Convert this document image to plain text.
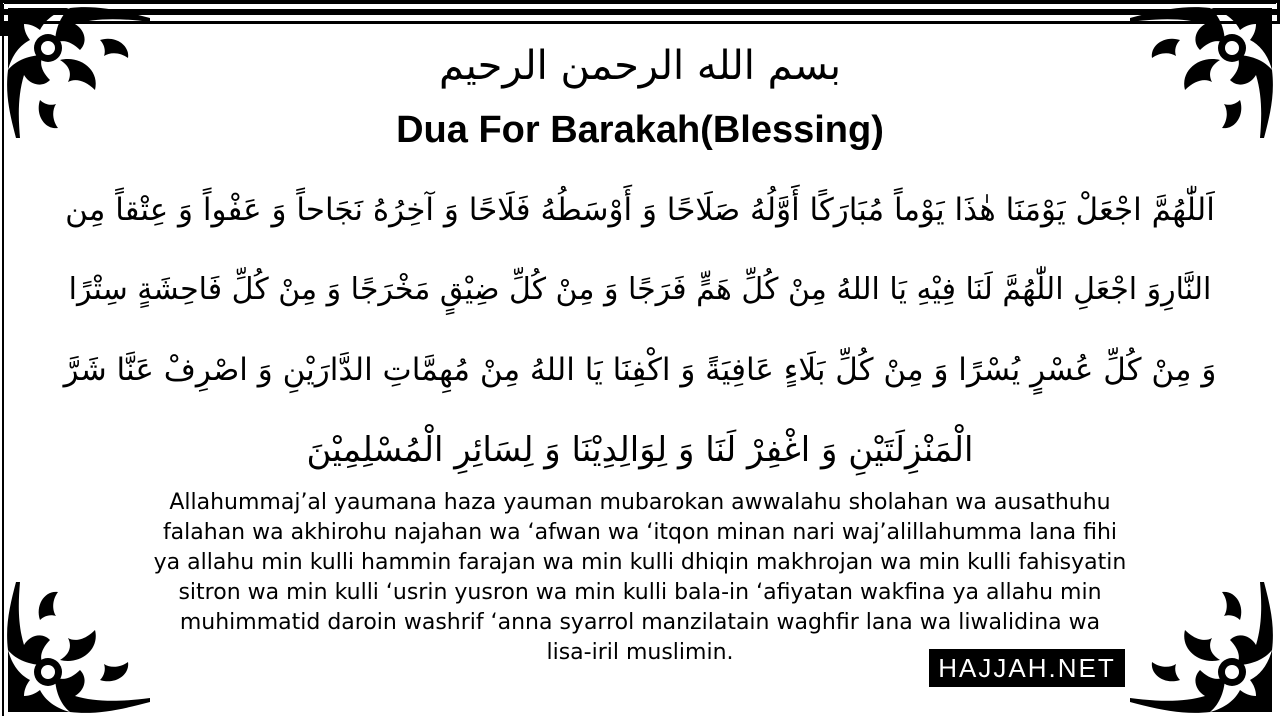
بسم الله الرحمن الرحيم
Dua For Barakah(Blessing)
اَللّٰهُمَّ اجْعَلْ يَوْمَنَا هٰذَا يَوْماً مُبَارَكًا أَوَّلُهُ صَلَاحًا وَ أَوْسَطُهُ فَلَاحًا وَ آخِرُهُ نَجَاحاً وَ عَفْواً وَ عِتْقاً مِن
النَّارِوَ اجْعَلِ اللّٰهُمَّ لَنَا فِيْهِ يَا اللهُ مِنْ كُلِّ هَمٍّ فَرَجًا وَ مِنْ كُلِّ ضِيْقٍ مَخْرَجًا وَ مِنْ كُلِّ فَاحِشَةٍ سِتْرًا
وَ مِنْ كُلِّ عُسْرٍ يُسْرًا وَ مِنْ كُلِّ بَلَاءٍ عَافِيَةً وَ اكْفِنَا يَا اللهُ مِنْ مُهِمَّاتِ الدَّارَيْنِ وَ اصْرِفْ عَنَّا شَرَّ
الْمَنْزِلَتَيْنِ وَ اغْفِرْ لَنَا وَ لِوَالِدِيْنَا وَ لِسَائِرِ الْمُسْلِمِيْنَ
Allahummaj’al yaumana haza yauman mubarokan awwalahu sholahan wa ausathuhu
falahan wa akhirohu najahan wa ‘afwan wa ‘itqon minan nari waj’alillahumma lana fihi
ya allahu min kulli hammin farajan wa min kulli dhiqin makhrojan wa min kulli fahisyatin
sitron wa min kulli ‘usrin yusron wa min kulli bala-in ‘afiyatan wakfina ya allahu min
muhimmatid daroin washrif ‘anna syarrol manzilatain waghfir lana wa liwalidina wa
lisa-iril muslimin.	HAJJAH.NET
